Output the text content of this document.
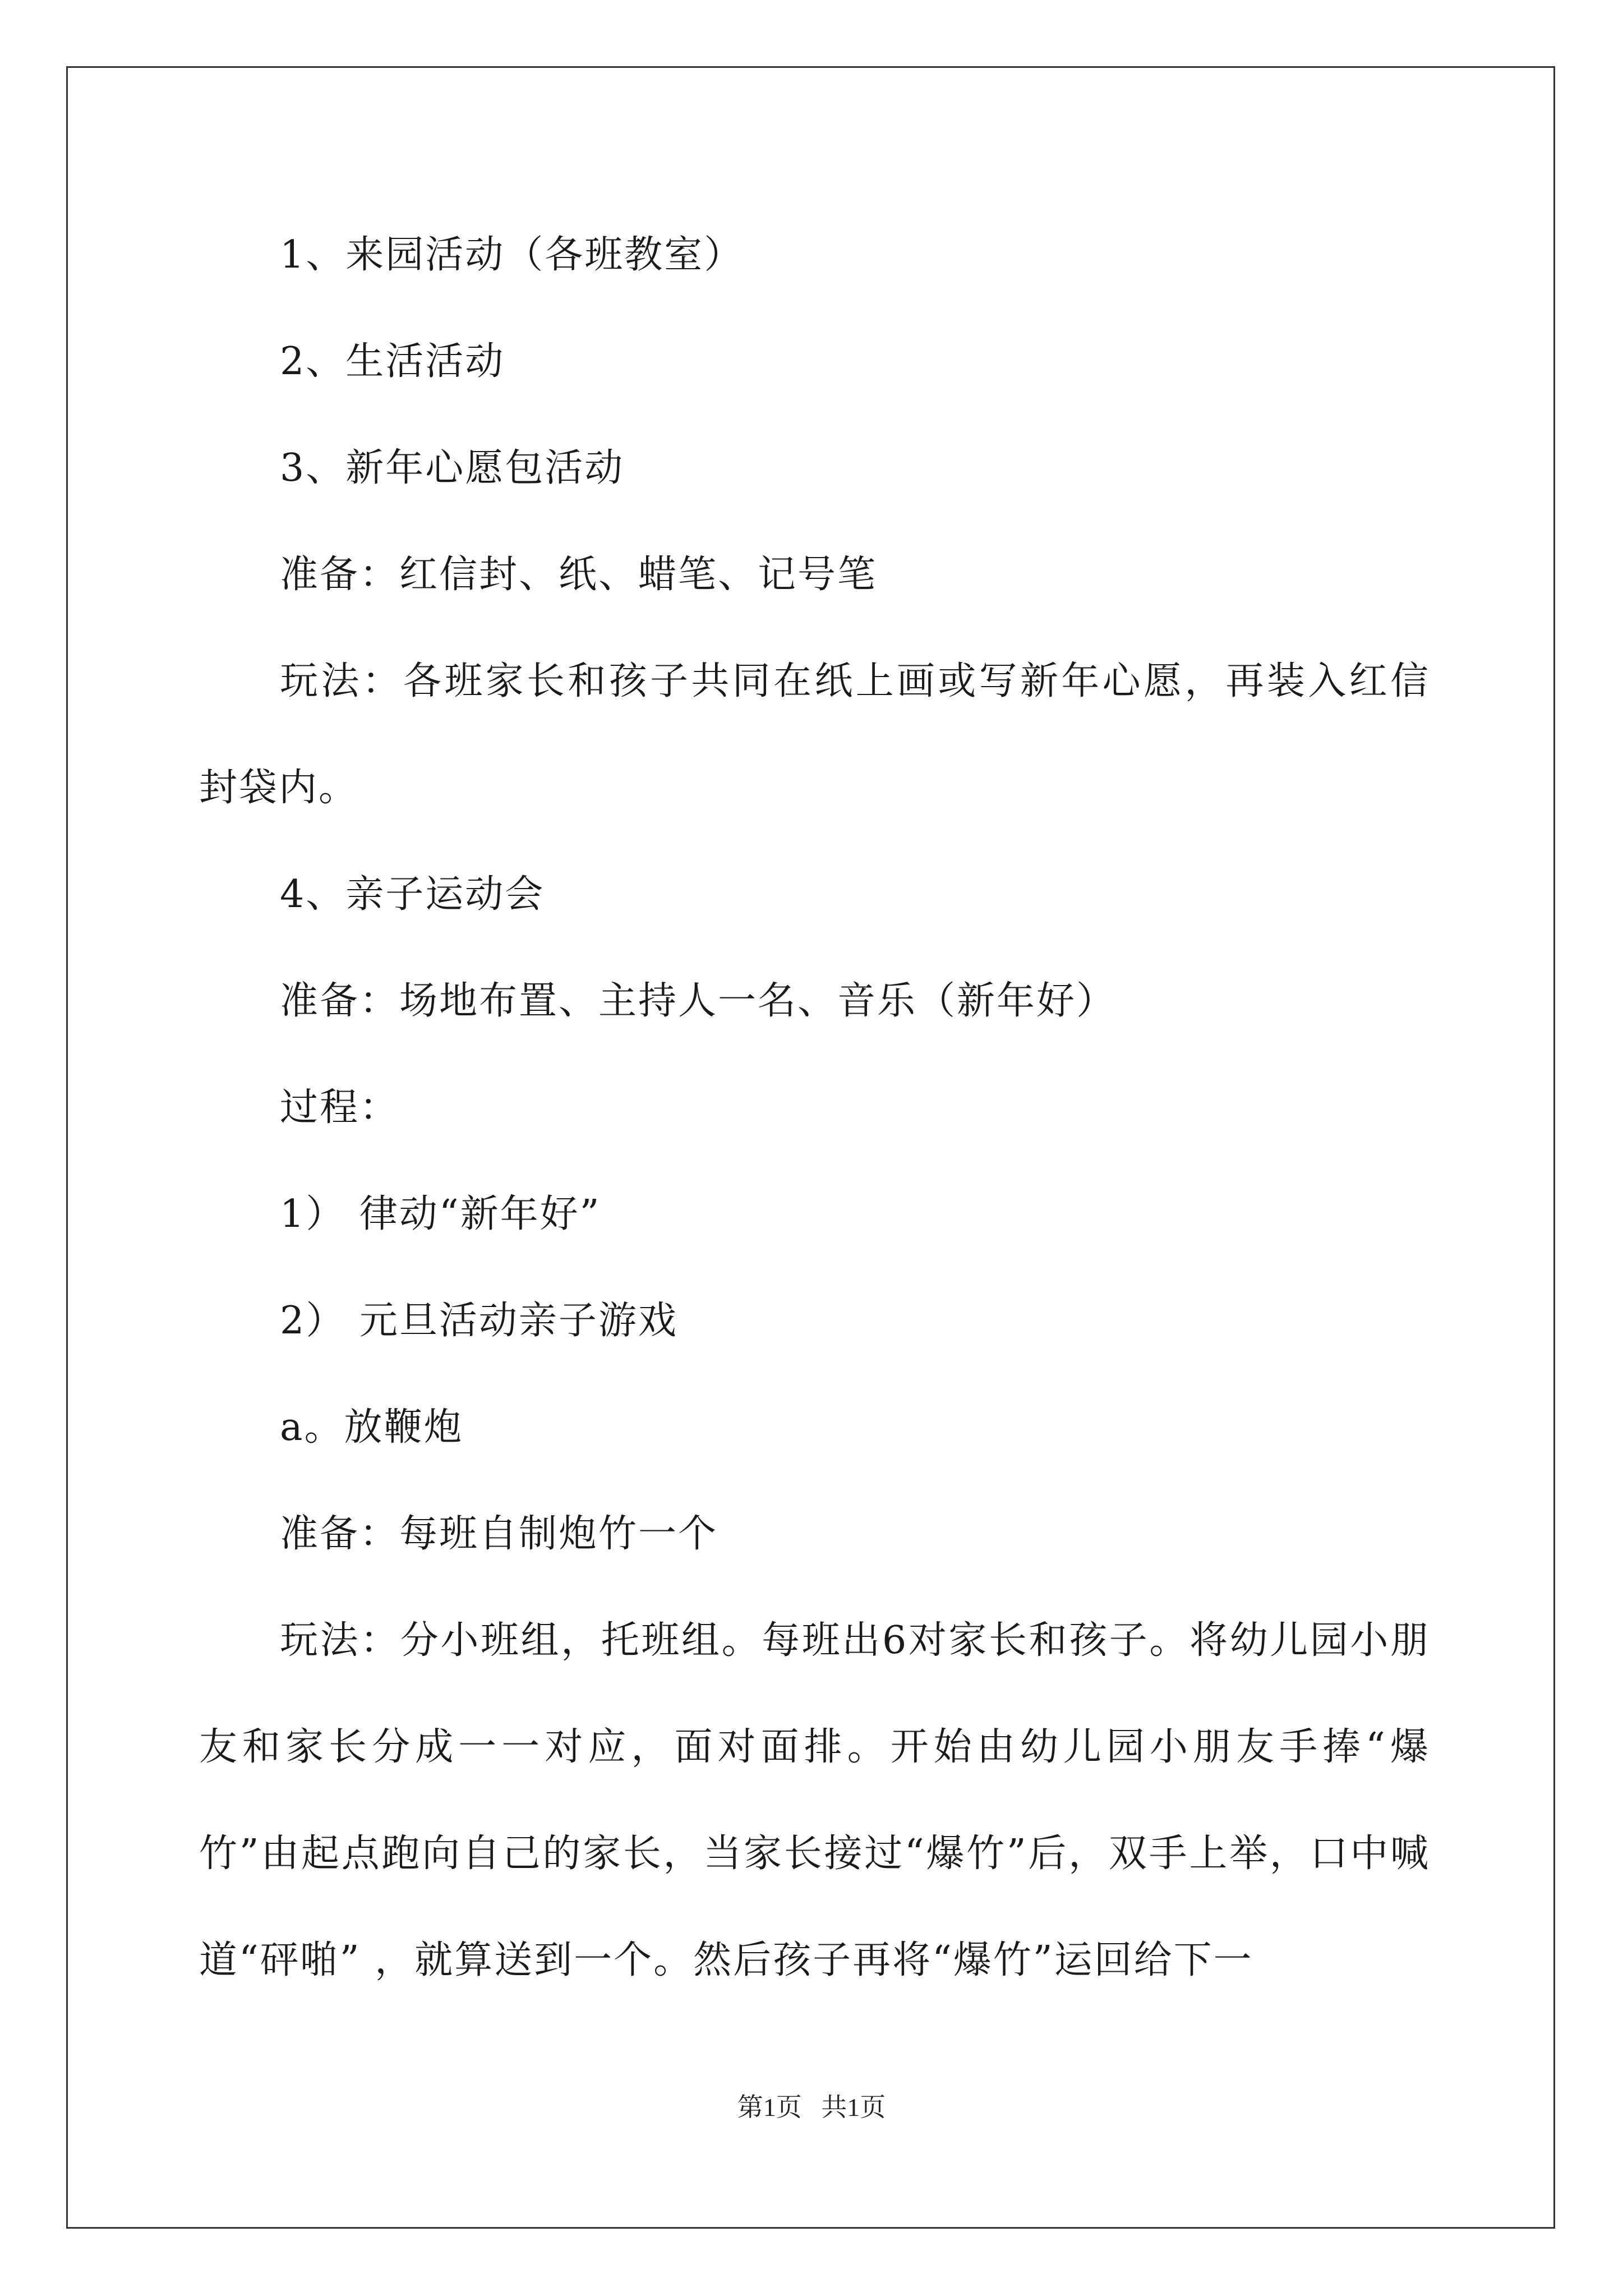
1、来园活动（各班教室）

2、生活活动

3、新年心愿包活动

准备：红信封、纸、蜡笔、记号笔

玩法：各班家长和孩子共同在纸上画或写新年心愿，再装入红信封袋内。

4、亲子运动会

准备：场地布置、主持人一名、音乐（新年好）

过程：

1） 律动“新年好”

2） 元旦活动亲子游戏

a。放鞭炮

准备：每班自制炮竹一个

玩法：分小班组，托班组。每班出6对家长和孩子。将幼儿园小朋友和家长分成一一对应，面对面排。开始由幼儿园小朋友手捧“爆竹”由起点跑向自己的家长，当家长接过“爆竹”后，双手上举，口中喊道“砰啪” ，就算送到一个。然后孩子再将“爆竹”运回给下一

第1页 共1页
